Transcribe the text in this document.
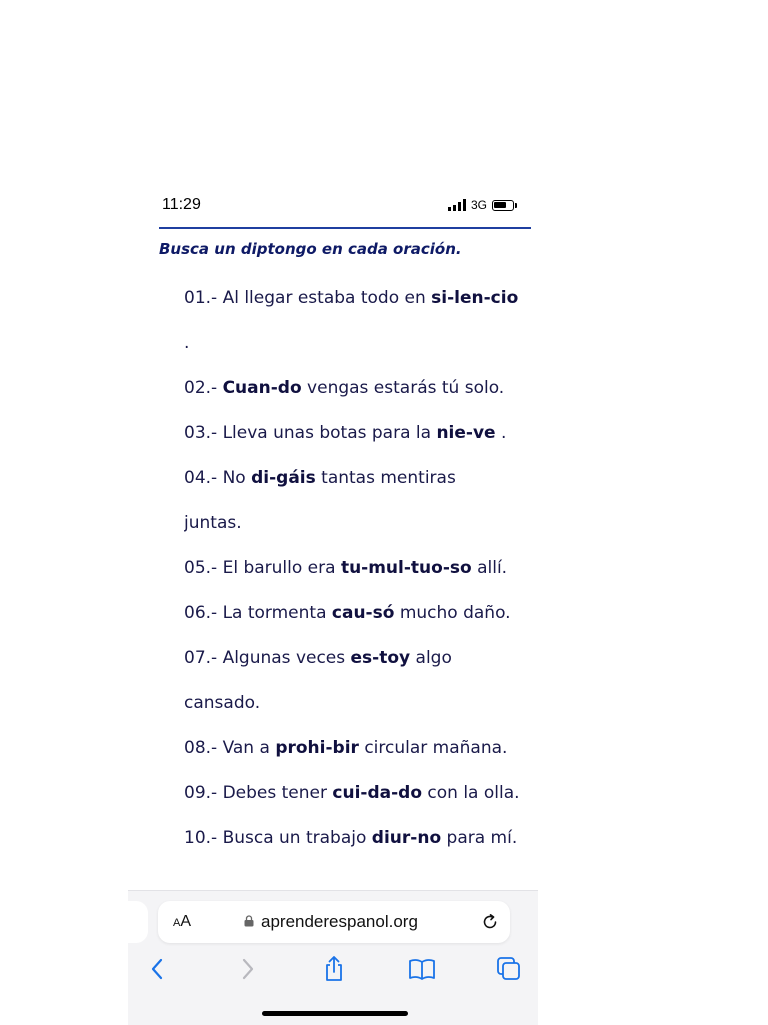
11:29	3G
Busca un diptongo en cada oración.
01.- Al llegar estaba todo en si-len-cio
.
02.- Cuan-do vengas estarás tú solo.
03.- Lleva unas botas para la nie-ve .
04.- No di-gáis tantas mentiras
juntas.
05.- El barullo era tu-mul-tuo-so allí.
06.- La tormenta cau-só mucho daño.
07.- Algunas veces es-toy algo
cansado.
08.- Van a prohi-bir circular mañana.
09.- Debes tener cui-da-do con la olla.
10.- Busca un trabajo diur-no para mí.
AA	aprenderespanol.org
